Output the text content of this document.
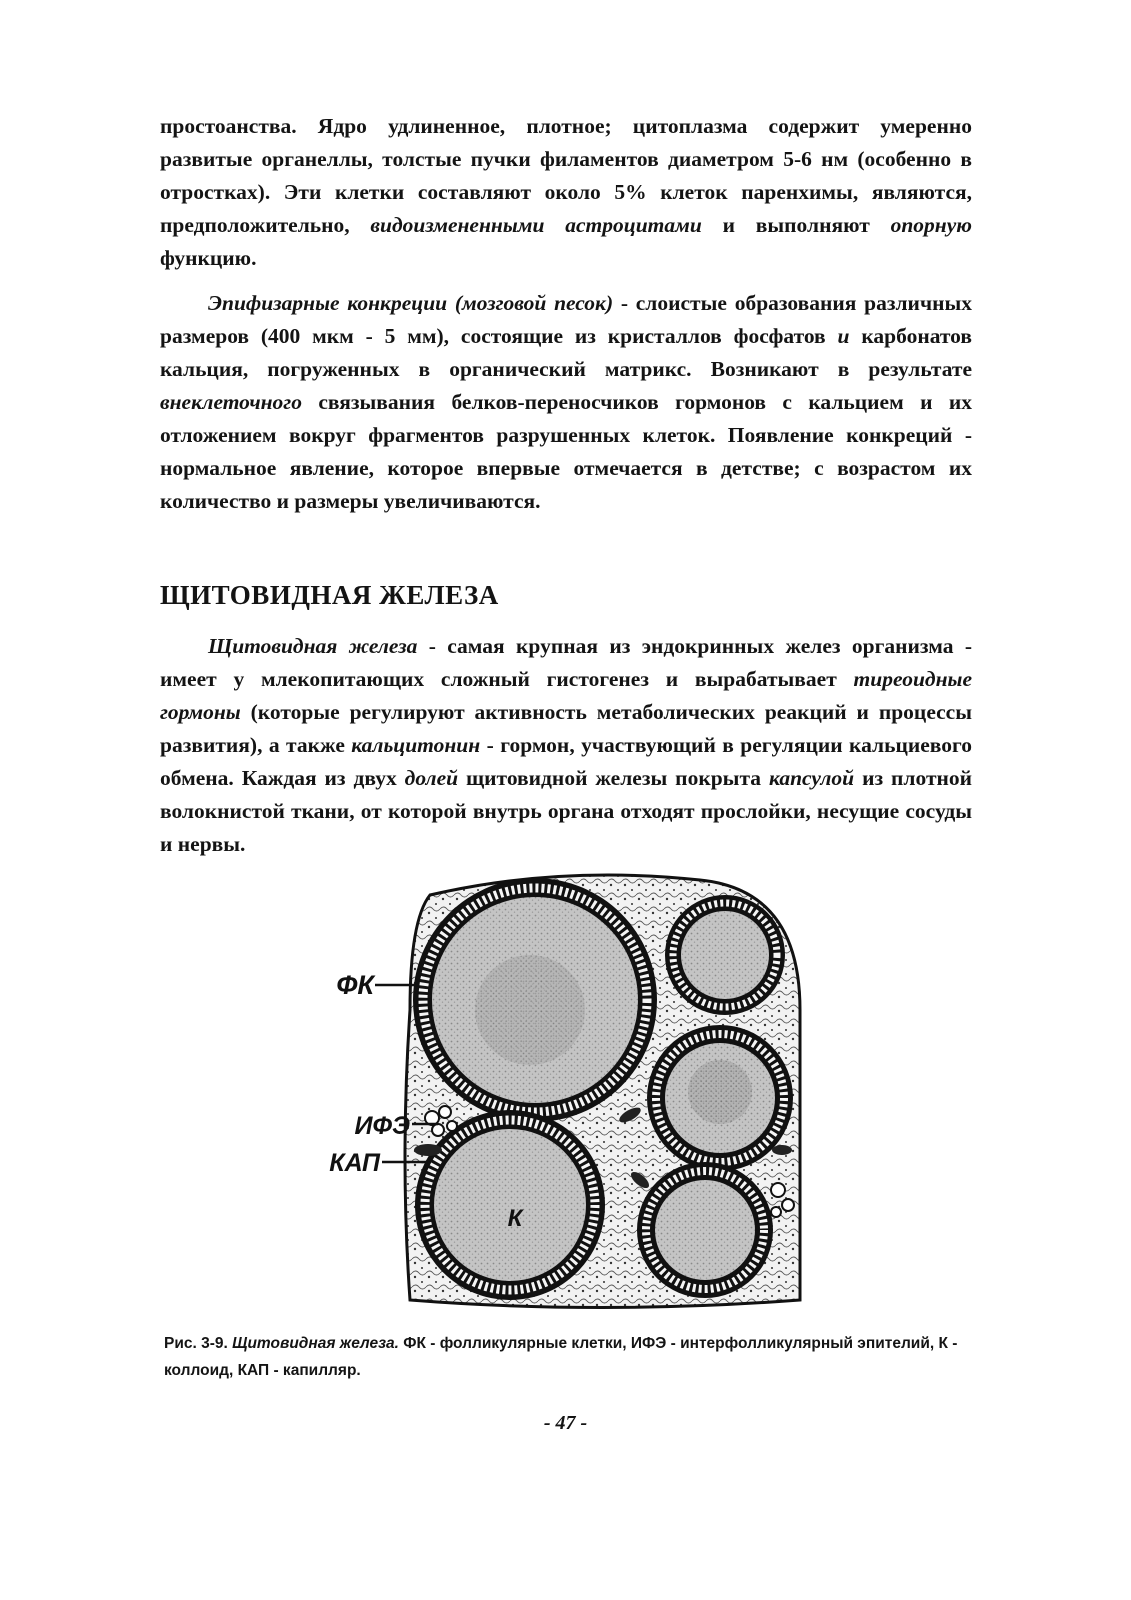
простоанства. Ядро удлиненное, плотное; цитоплазма содержит умеренно развитые органеллы, толстые пучки филаментов диаметром 5-6 нм (особенно в отростках). Эти клетки составляют около 5% клеток паренхимы, являются, предположительно, видоизмененными астроцитами и выполняют опорную функцию.

Эпифизарные конкреции (мозговой песок) - слоистые образования различных размеров (400 мкм - 5 мм), состоящие из кристаллов фосфатов и карбонатов кальция, погруженных в органический матрикс. Возникают в результате внеклеточного связывания белков-переносчиков гормонов с кальцием и их отложением вокруг фрагментов разрушенных клеток. Появление конкреций - нормальное явление, которое впервые отмечается в детстве; с возрастом их количество и размеры увеличиваются.

ЩИТОВИДНАЯ ЖЕЛЕЗА

Щитовидная железа - самая крупная из эндокринных желез организма - имеет у млекопитающих сложный гистогенез и вырабатывает тиреоидные гормоны (которые регулируют активность метаболических реакций и процессы развития), а также кальцитонин - гормон, участвующий в регуляции кальциевого обмена. Каждая из двух долей щитовидной железы покрыта капсулой из плотной волокнистой ткани, от которой внутрь органа отходят прослойки, несущие сосуды и нервы.

ФК
ИФЭ
КАП
К

Рис. 3-9. Щитовидная железа. ФК - фолликулярные клетки, ИФЭ - интерфолликулярный эпителий, К - коллоид, КАП - капилляр.

- 47 -
